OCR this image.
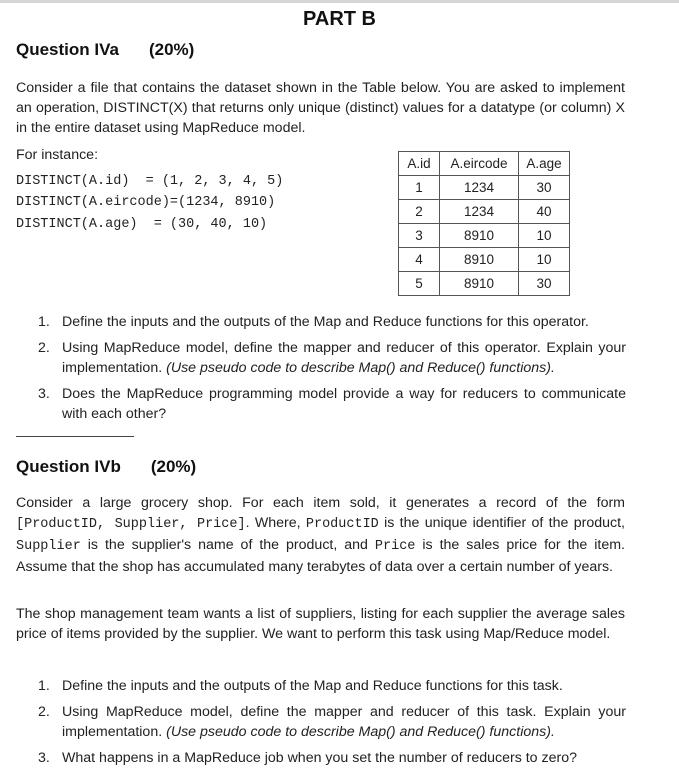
PART B
Question IVa (20%)
Consider a file that contains the dataset shown in the Table below. You are asked to implement an operation, DISTINCT(X) that returns only unique (distinct) values for a datatype (or column) X in the entire dataset using MapReduce model.
For instance:
DISTINCT(A.id)  = (1, 2, 3, 4, 5)
DISTINCT(A.eircode)=(1234, 8910)
DISTINCT(A.age)  = (30, 40, 10)
A.id	A.eircode	A.age
1	1234	30
2	1234	40
3	8910	10
4	8910	10
5	8910	30
1. Define the inputs and the outputs of the Map and Reduce functions for this operator.
2. Using MapReduce model, define the mapper and reducer of this operator. Explain your implementation. (Use pseudo code to describe Map() and Reduce() functions).
3. Does the MapReduce programming model provide a way for reducers to communicate with each other?
Question IVb (20%)
Consider a large grocery shop. For each item sold, it generates a record of the form [ProductID, Supplier, Price]. Where, ProductID is the unique identifier of the product, Supplier is the supplier's name of the product, and Price is the sales price for the item. Assume that the shop has accumulated many terabytes of data over a certain number of years.
The shop management team wants a list of suppliers, listing for each supplier the average sales price of items provided by the supplier. We want to perform this task using Map/Reduce model.
1. Define the inputs and the outputs of the Map and Reduce functions for this task.
2. Using MapReduce model, define the mapper and reducer of this task. Explain your implementation. (Use pseudo code to describe Map() and Reduce() functions).
3. What happens in a MapReduce job when you set the number of reducers to zero?
